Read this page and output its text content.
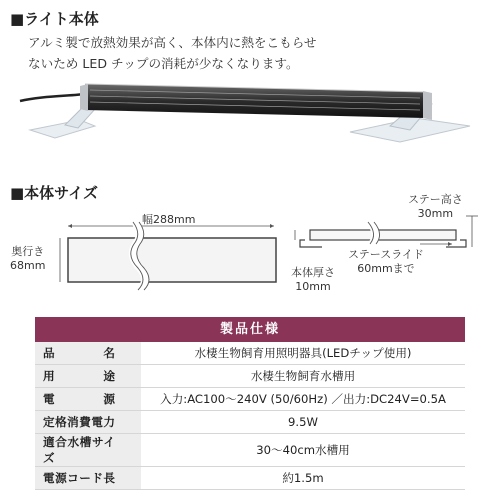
■ライト本体
アルミ製で放熱効果が高く、本体内に熱をこもらせ
ないため LED チップの消耗が少なくなります。
■本体サイズ
幅288mm
奥行き
68mm
ステー高さ
30mm
ステースライド
60mmまで
本体厚さ
10mm
製品仕様
品名	水棲生物飼育用照明器具(LEDチップ使用)
用途	水棲生物飼育水槽用
電源	入力:AC100～240V (50/60Hz) ／出力:DC24V=0.5A
定格消費電力	9.5W
適合水槽サイズ	30～40cm水槽用
電源コード長	約1.5m
